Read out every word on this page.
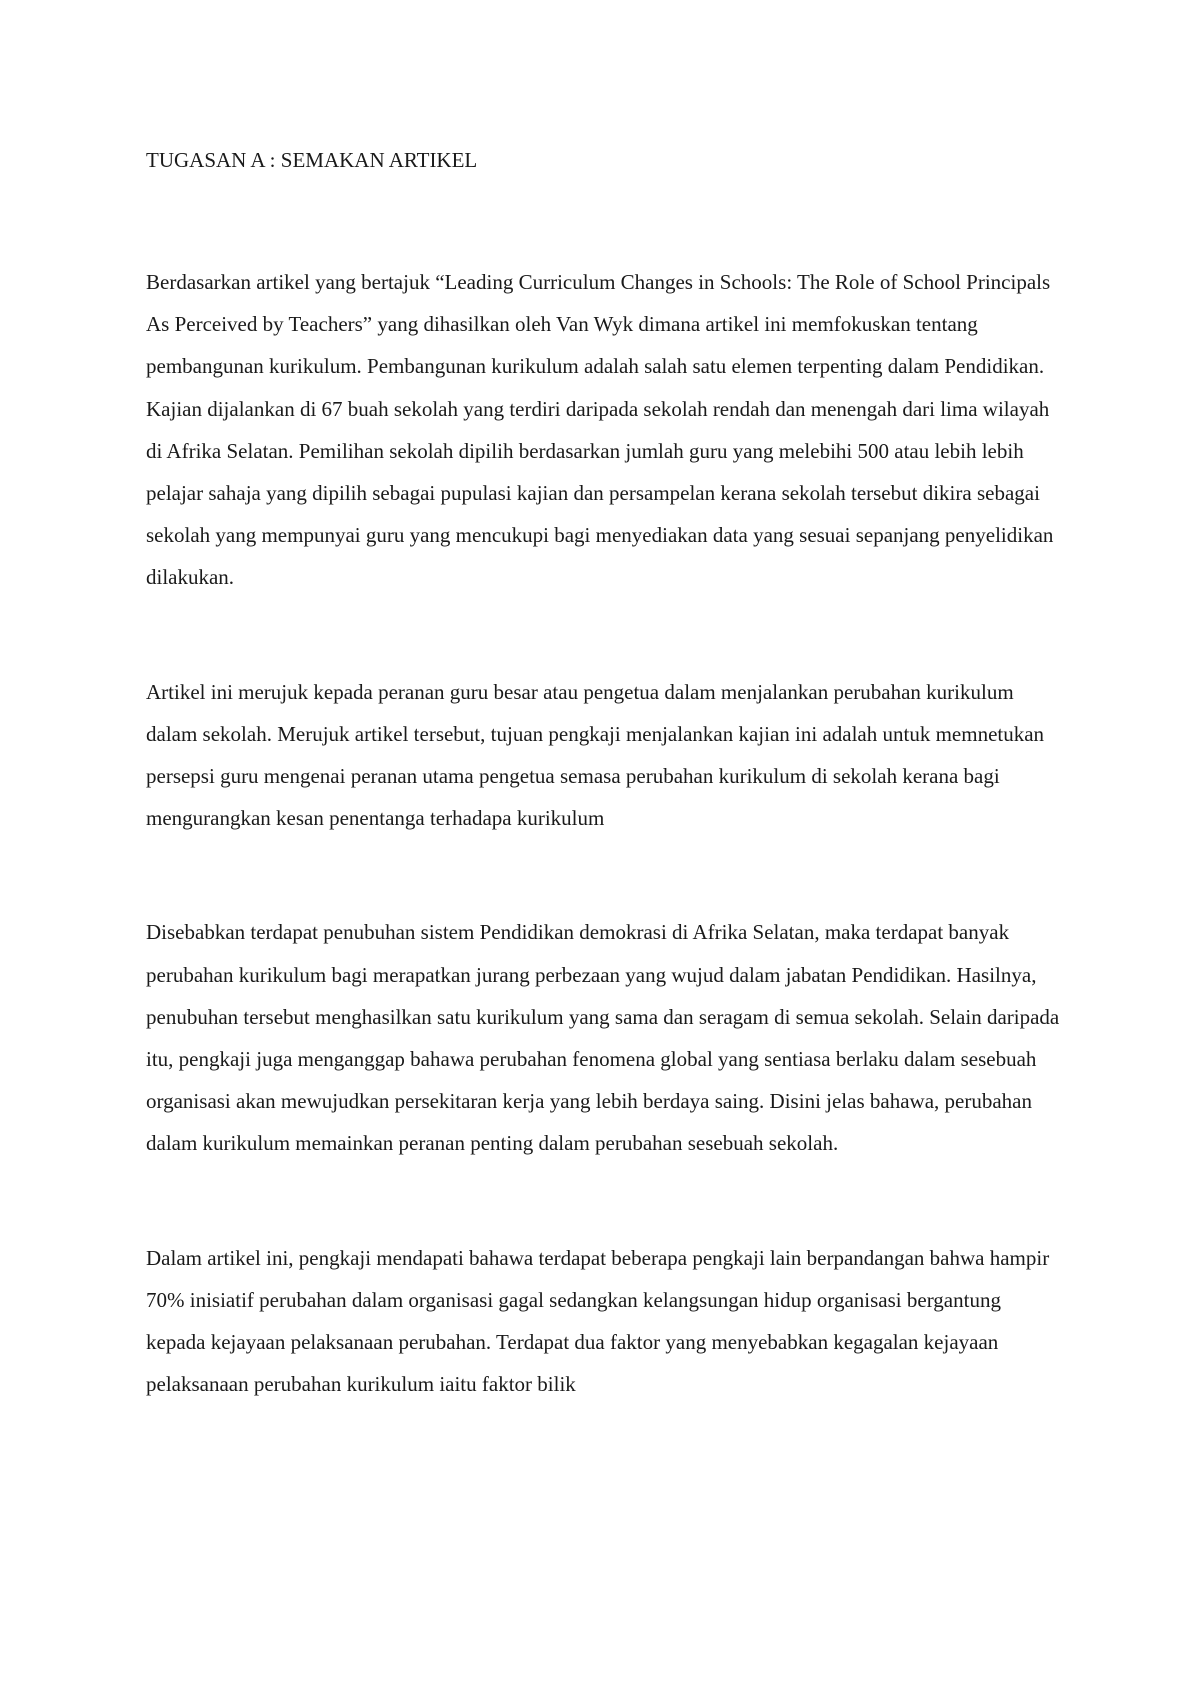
TUGASAN A : SEMAKAN ARTIKEL

Berdasarkan artikel yang bertajuk “Leading Curriculum Changes in Schools: The Role of School Principals As Perceived by Teachers” yang dihasilkan oleh Van Wyk dimana artikel ini memfokuskan tentang pembangunan kurikulum. Pembangunan kurikulum adalah salah satu elemen terpenting dalam Pendidikan. Kajian dijalankan di 67 buah sekolah yang terdiri daripada sekolah rendah dan menengah dari lima wilayah di Afrika Selatan. Pemilihan sekolah dipilih berdasarkan jumlah guru yang melebihi 500 atau lebih lebih pelajar sahaja yang dipilih sebagai pupulasi kajian dan persampelan kerana sekolah tersebut dikira sebagai sekolah yang mempunyai guru yang mencukupi bagi menyediakan data yang sesuai sepanjang penyelidikan dilakukan.

Artikel ini merujuk kepada peranan guru besar atau pengetua dalam menjalankan perubahan kurikulum dalam sekolah. Merujuk artikel tersebut, tujuan pengkaji menjalankan kajian ini adalah untuk memnetukan persepsi guru mengenai peranan utama pengetua semasa perubahan kurikulum di sekolah kerana bagi mengurangkan kesan penentanga terhadapa kurikulum

Disebabkan terdapat penubuhan sistem Pendidikan demokrasi di Afrika Selatan, maka terdapat banyak perubahan kurikulum bagi merapatkan jurang perbezaan yang wujud dalam jabatan Pendidikan. Hasilnya, penubuhan tersebut menghasilkan satu kurikulum yang sama dan seragam di semua sekolah. Selain daripada itu, pengkaji juga menganggap bahawa perubahan fenomena global yang sentiasa berlaku dalam sesebuah organisasi akan mewujudkan persekitaran kerja yang lebih berdaya saing. Disini jelas bahawa, perubahan dalam kurikulum memainkan peranan penting dalam perubahan sesebuah sekolah.

Dalam artikel ini, pengkaji mendapati bahawa terdapat beberapa pengkaji lain berpandangan bahwa hampir 70% inisiatif perubahan dalam organisasi gagal sedangkan kelangsungan hidup organisasi bergantung kepada kejayaan pelaksanaan perubahan. Terdapat dua faktor yang menyebabkan kegagalan kejayaan pelaksanaan perubahan kurikulum iaitu faktor bilik
